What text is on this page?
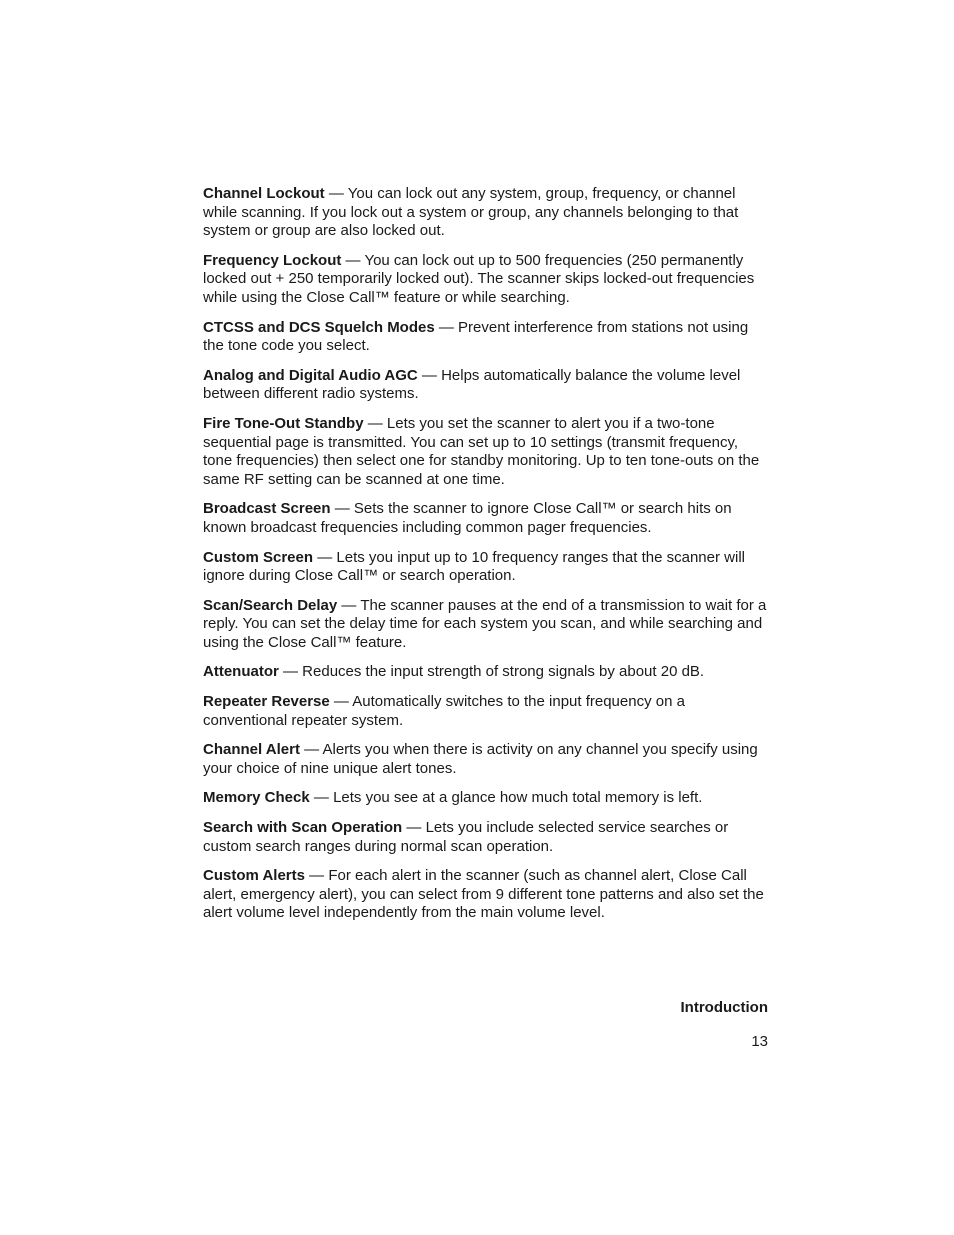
Channel Lockout — You can lock out any system, group, frequency, or channel while scanning. If you lock out a system or group, any channels belonging to that system or group are also locked out.

Frequency Lockout — You can lock out up to 500 frequencies (250 permanently locked out + 250 temporarily locked out). The scanner skips locked-out frequencies while using the Close Call™ feature or while searching.

CTCSS and DCS Squelch Modes — Prevent interference from stations not using the tone code you select.

Analog and Digital Audio AGC — Helps automatically balance the volume level between different radio systems.

Fire Tone-Out Standby — Lets you set the scanner to alert you if a two-tone sequential page is transmitted. You can set up to 10 settings (transmit frequency, tone frequencies) then select one for standby monitoring. Up to ten tone-outs on the same RF setting can be scanned at one time.

Broadcast Screen — Sets the scanner to ignore Close Call™ or search hits on known broadcast frequencies including common pager frequencies.

Custom Screen — Lets you input up to 10 frequency ranges that the scanner will ignore during Close Call™ or search operation.

Scan/Search Delay — The scanner pauses at the end of a transmission to wait for a reply. You can set the delay time for each system you scan, and while searching and using the Close Call™ feature.

Attenuator — Reduces the input strength of strong signals by about 20 dB.

Repeater Reverse — Automatically switches to the input frequency on a conventional repeater system.

Channel Alert — Alerts you when there is activity on any channel you specify using your choice of nine unique alert tones.

Memory Check — Lets you see at a glance how much total memory is left.

Search with Scan Operation — Lets you include selected service searches or custom search ranges during normal scan operation.

Custom Alerts — For each alert in the scanner (such as channel alert, Close Call alert, emergency alert), you can select from 9 different tone patterns and also set the alert volume level independently from the main volume level.

Introduction
13
